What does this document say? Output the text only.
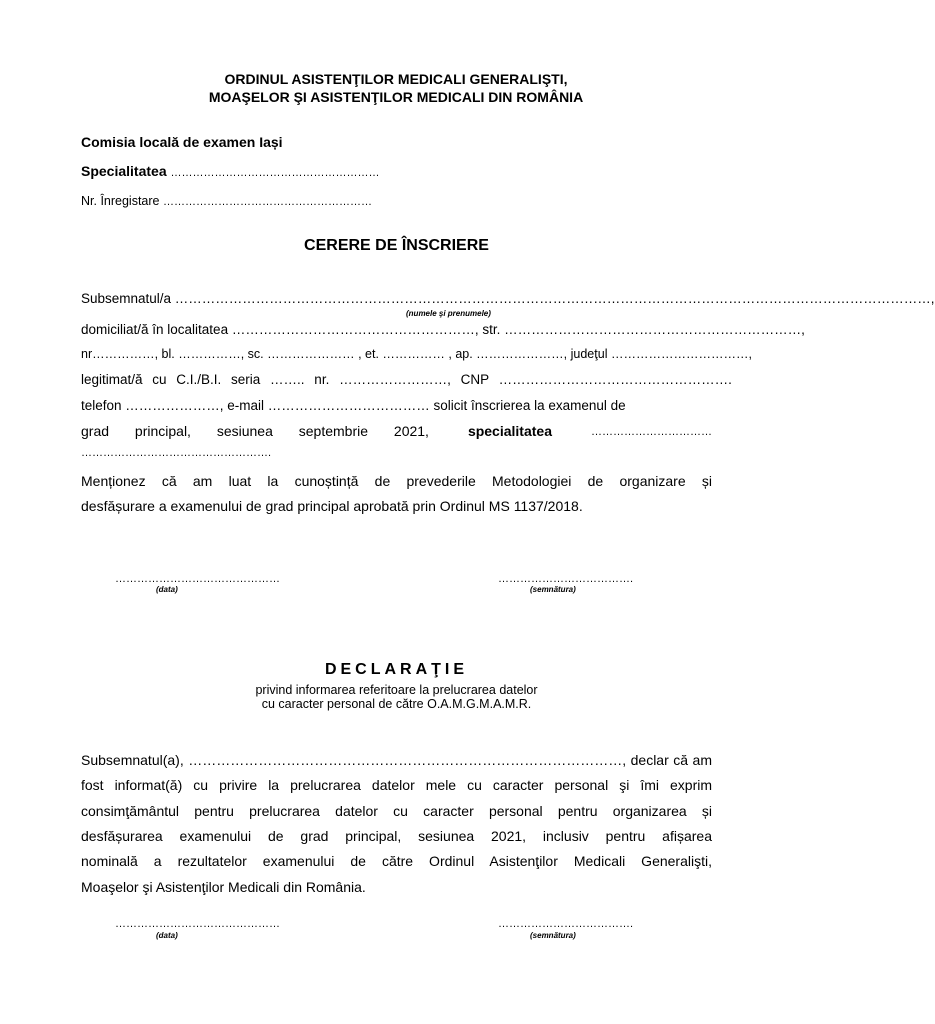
ORDINUL ASISTENŢILOR MEDICALI GENERALIŞTI,
MOAŞELOR ŞI ASISTENŢILOR MEDICALI DIN ROMÂNIA
Comisia locală de examen Iași
Specialitatea …………………………………………………
Nr. Înregistare …………………………………………………
CERERE DE ÎNSCRIERE
Subsemnatul/a ……………………………………………………………………………………………………………………………………………………,
(numele şi prenumele)
domiciliat/ă în localitatea ………………………………………………, str. …………………………………………………………,
nr……………, bl. ……………, sc. ………………… , et. …………… , ap. …………………, judeţul ……………………………,
legitimat/ă cu C.I./B.I. seria …….. nr. ……………………, CNP …………………………………………….
telefon …………………, e-mail ……………………………… solicit înscrierea la examenul de
grad principal, sesiunea septembrie 2021,	specialitatea	……………………………
…………………………………………….
Menționez că am luat la cunoștință de prevederile Metodologiei de organizare și
desfășurare a examenului de grad principal aprobată prin Ordinul MS 1137/2018.
………………………………………
(data)
……………………………….
(semnătura)
DECLARAŢIE
privind informarea referitoare la prelucrarea datelor
cu caracter personal de către O.A.M.G.M.A.M.R.
Subsemnatul(a), …………………………………………………………………………………, declar că am
fost informat(ă) cu privire la prelucrarea datelor mele cu caracter personal şi îmi exprim
consimţământul pentru prelucrarea datelor cu caracter personal pentru organizarea și
desfășurarea examenului de grad principal, sesiunea 2021, inclusiv pentru afișarea
nominală a rezultatelor examenului de către Ordinul Asistenţilor Medicali Generalişti,
Moaşelor şi Asistenţilor Medicali din România.
………………………………………
(data)
……………………………….
(semnătura)
